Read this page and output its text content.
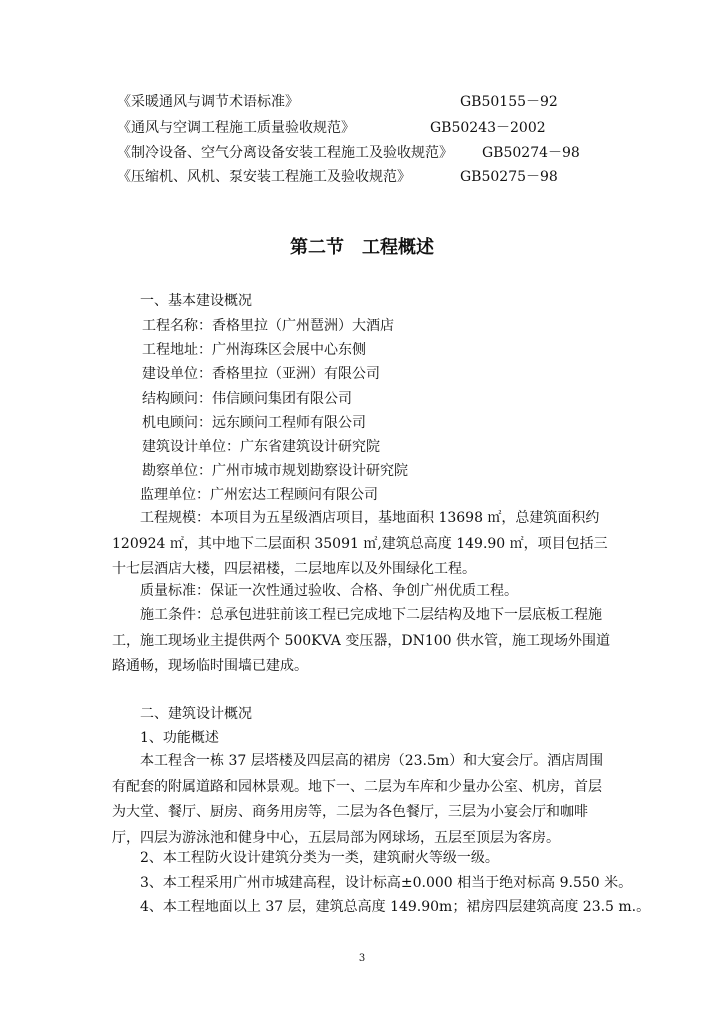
《采暖通风与调节术语标准》	GB50155－92
《通风与空调工程施工质量验收规范》	GB50243－2002
《制冷设备、空气分离设备安装工程施工及验收规范》 GB50274－98
《压缩机、风机、泵安装工程施工及验收规范》	GB50275－98
第二节　工程概述
一、基本建设概况
工程名称：香格里拉（广州琶洲）大酒店
工程地址：广州海珠区会展中心东侧
建设单位：香格里拉（亚洲）有限公司
结构顾问：伟信顾问集团有限公司
机电顾问：远东顾问工程师有限公司
建筑设计单位：广东省建筑设计研究院
勘察单位：广州市城市规划勘察设计研究院
监理单位：广州宏达工程顾问有限公司
工程规模：本项目为五星级酒店项目，基地面积 13698 ㎡，总建筑面积约 120924 ㎡，其中地下二层面积 35091 ㎡,建筑总高度 149.90 ㎡，项目包括三十七层酒店大楼，四层裙楼，二层地库以及外围绿化工程。
质量标准：保证一次性通过验收、合格、争创广州优质工程。
施工条件：总承包进驻前该工程已完成地下二层结构及地下一层底板工程施工，施工现场业主提供两个 500KVA 变压器，DN100 供水管，施工现场外围道路通畅，现场临时围墙已建成。
二、建筑设计概况
1、功能概述
本工程含一栋 37 层塔楼及四层高的裙房（23.5m）和大宴会厅。酒店周围有配套的附属道路和园林景观。地下一、二层为车库和少量办公室、机房，首层为大堂、餐厅、厨房、商务用房等，二层为各色餐厅，三层为小宴会厅和咖啡厅，四层为游泳池和健身中心，五层局部为网球场，五层至顶层为客房。
2、本工程防火设计建筑分类为一类，建筑耐火等级一级。
3、本工程采用广州市城建高程，设计标高±0.000 相当于绝对标高 9.550 米。
4、本工程地面以上 37 层，建筑总高度 149.90m；裙房四层建筑高度 23.5 m.。
3
